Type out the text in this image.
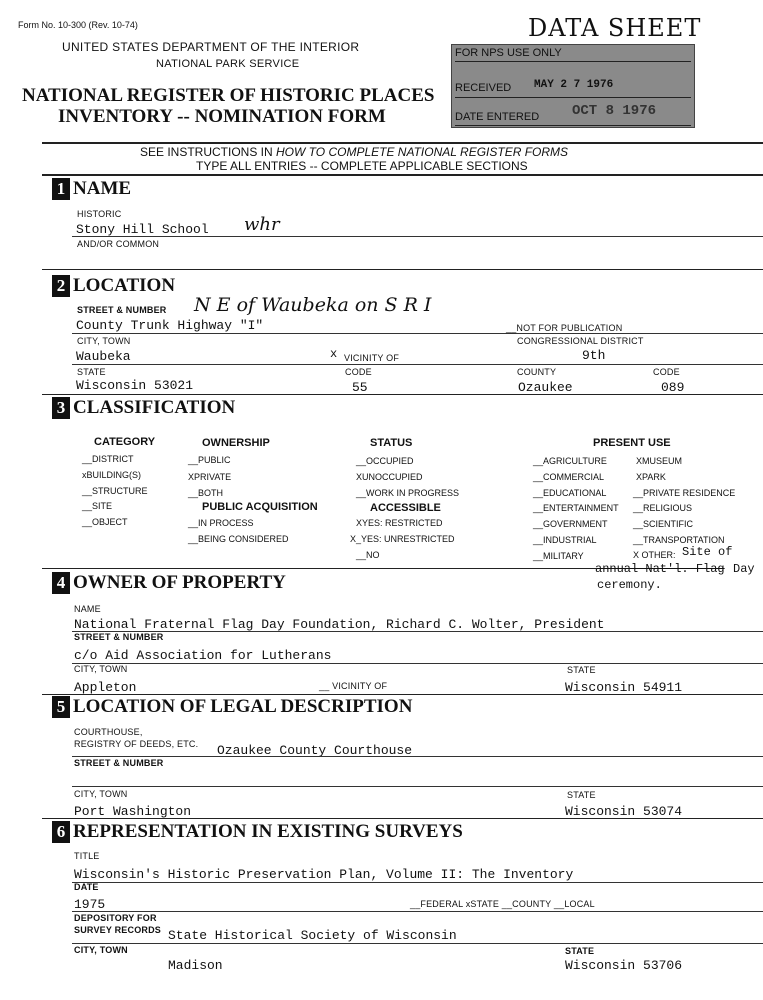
Form No. 10-300 (Rev. 10-74)
UNITED STATES DEPARTMENT OF THE INTERIOR
NATIONAL PARK SERVICE
NATIONAL REGISTER OF HISTORIC PLACES
INVENTORY -- NOMINATION FORM
DATA SHEET
FOR NPS USE ONLY
RECEIVED MAY 2 7 1976
DATE ENTERED OCT 8 1976
SEE INSTRUCTIONS IN HOW TO COMPLETE NATIONAL REGISTER FORMS
TYPE ALL ENTRIES -- COMPLETE APPLICABLE SECTIONS
1 NAME
HISTORIC
Stony Hill School whr
AND/OR COMMON
2 LOCATION
STREET & NUMBER N E of Waubeka on S R I
County Trunk Highway "I"	__NOT FOR PUBLICATION
CITY, TOWN	CONGRESSIONAL DISTRICT
Waubeka	x VICINITY OF	9th
STATE	CODE	COUNTY	CODE
Wisconsin 53021	55	Ozaukee	089
3 CLASSIFICATION
CATEGORY	OWNERSHIP	STATUS	PRESENT USE
__DISTRICT
xBUILDING(S)
__STRUCTURE
__SITE
__OBJECT
__PUBLIC
XPRIVATE
__BOTH
PUBLIC ACQUISITION
__IN PROCESS
__BEING CONSIDERED
__OCCUPIED
XUNOCCUPIED
__WORK IN PROGRESS
ACCESSIBLE
XYES: RESTRICTED
X_YES: UNRESTRICTED
__NO
__AGRICULTURE
__COMMERCIAL
__EDUCATIONAL
__ENTERTAINMENT
__GOVERNMENT
__INDUSTRIAL
__MILITARY
XMUSEUM
XPARK
__PRIVATE RESIDENCE
__RELIGIOUS
__SCIENTIFIC
__TRANSPORTATION
X OTHER: Site of
annual Nat'l. Flag Day
ceremony.
4 OWNER OF PROPERTY
NAME
National Fraternal Flag Day Foundation, Richard C. Wolter, President
STREET & NUMBER
c/o Aid Association for Lutherans
CITY, TOWN	STATE
Appleton	__ VICINITY OF	Wisconsin 54911
5 LOCATION OF LEGAL DESCRIPTION
COURTHOUSE,
REGISTRY OF DEEDS, ETC. Ozaukee County Courthouse
STREET & NUMBER
CITY, TOWN	STATE
Port Washington	Wisconsin 53074
6 REPRESENTATION IN EXISTING SURVEYS
TITLE
Wisconsin's Historic Preservation Plan, Volume II: The Inventory
DATE
1975	__FEDERAL xSTATE __COUNTY __LOCAL
DEPOSITORY FOR
SURVEY RECORDS State Historical Society of Wisconsin
CITY, TOWN	STATE
Madison	Wisconsin 53706
